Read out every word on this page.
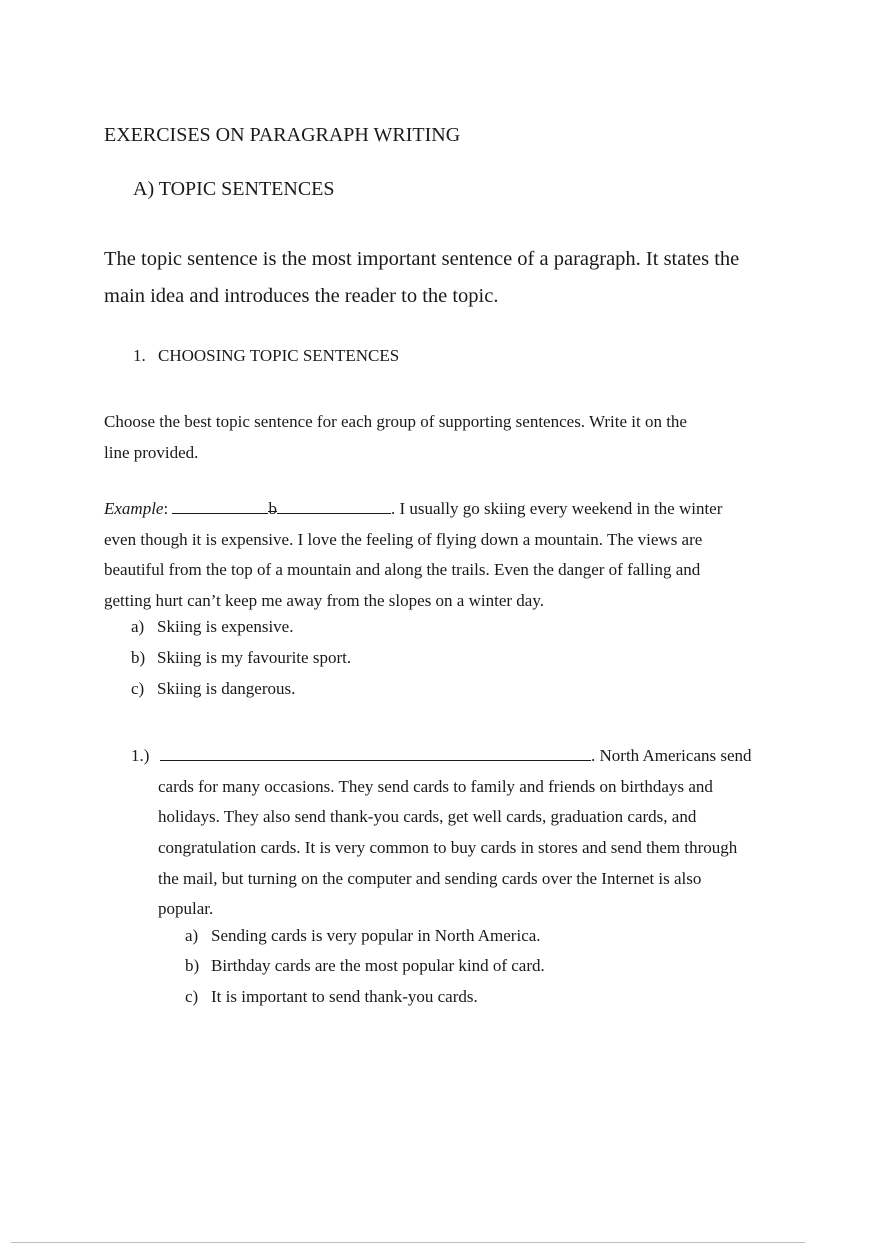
EXERCISES ON PARAGRAPH WRITING
A) TOPIC SENTENCES
The topic sentence is the most important sentence of a paragraph. It states the
main idea and introduces the reader to the topic.
1. CHOOSING TOPIC SENTENCES
Choose the best topic sentence for each group of supporting sentences. Write it on the
line provided.
Example:	b	. I usually go skiing every weekend in the winter
even though it is expensive. I love the feeling of flying down a mountain. The views are
beautiful from the top of a mountain and along the trails. Even the danger of falling and
getting hurt can’t keep me away from the slopes on a winter day.
a) Skiing is expensive.
b) Skiing is my favourite sport.
c) Skiing is dangerous.
1.)	. North Americans send
cards for many occasions. They send cards to family and friends on birthdays and
holidays. They also send thank-you cards, get well cards, graduation cards, and
congratulation cards. It is very common to buy cards in stores and send them through
the mail, but turning on the computer and sending cards over the Internet is also
popular.
a) Sending cards is very popular in North America.
b) Birthday cards are the most popular kind of card.
c) It is important to send thank-you cards.
